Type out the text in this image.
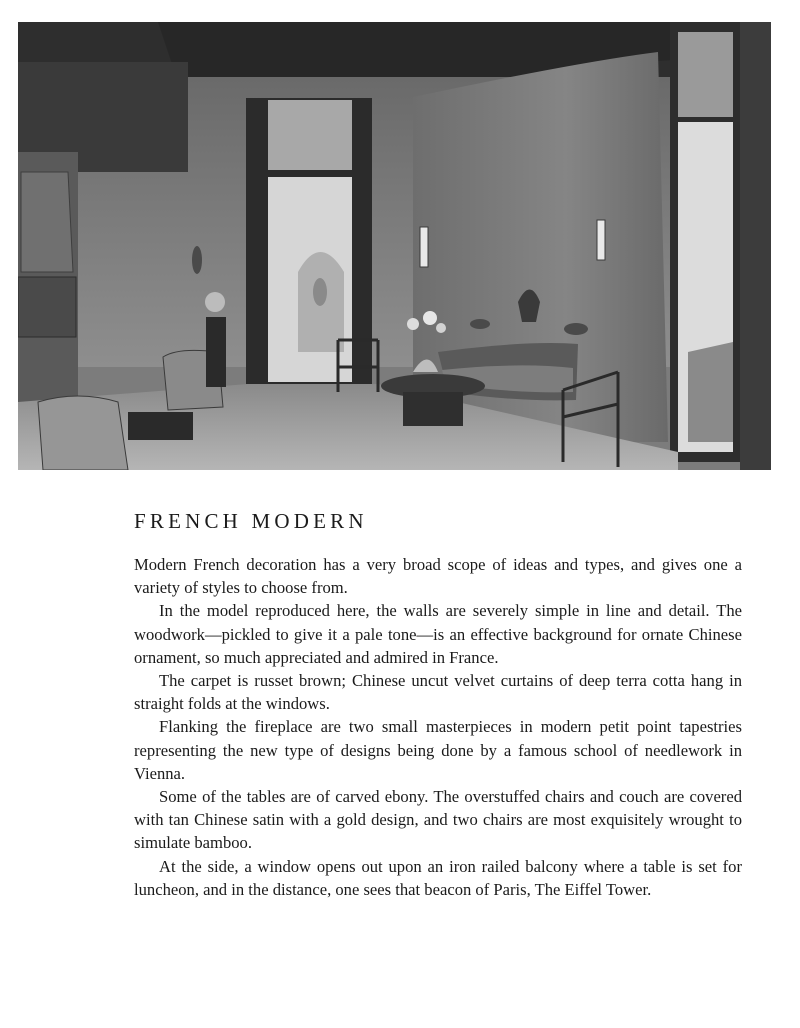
FRENCH MODERN

Modern French decoration has a very broad scope of ideas and types, and gives one a variety of styles to choose from.

In the model reproduced here, the walls are severely simple in line and detail. The woodwork—pickled to give it a pale tone—is an effective background for ornate Chinese ornament, so much appreciated and admired in France.

The carpet is russet brown; Chinese uncut velvet curtains of deep terra cotta hang in straight folds at the windows.

Flanking the fireplace are two small masterpieces in modern petit point tapestries representing the new type of designs being done by a famous school of needlework in Vienna.

Some of the tables are of carved ebony. The overstuffed chairs and couch are covered with tan Chinese satin with a gold design, and two chairs are most exquisitely wrought to simulate bamboo.

At the side, a window opens out upon an iron railed balcony where a table is set for luncheon, and in the distance, one sees that beacon of Paris, The Eiffel Tower.
